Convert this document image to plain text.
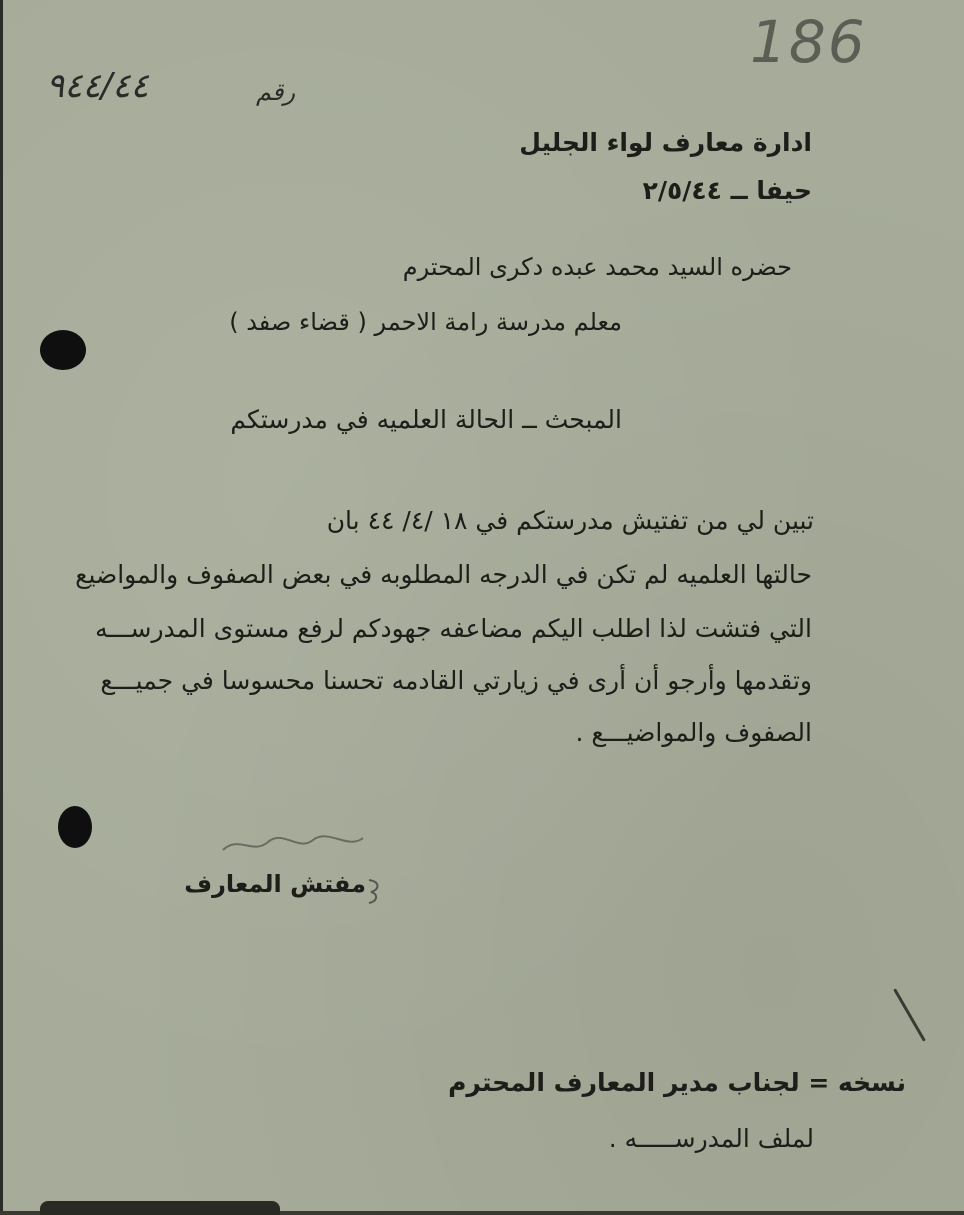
186
٩٤٤/٤٤	رقم
ادارة معارف لواء الجليل
حيفا ــ ٢/٥/٤٤
حضره السيد محمد عبده دكرى المحترم
معلم مدرسة رامة الاحمر ( قضاء صفد )
المبحث ــ الحالة العلميه في مدرستكم
تبين لي من تفتيش مدرستكم في ١٨ /٤/ ٤٤ بان
حالتها العلميه لم تكن في الدرجه المطلوبه في بعض الصفوف والمواضيع
التي فتشت لذا اطلب اليكم مضاعفه جهودكم لرفع مستوى المدرســـه
وتقدمها وأرجو أن أرى في زيارتي القادمه تحسنا محسوسا في جميـــع
الصفوف والمواضيـــع .
مفتش المعارف
نسخه = لجناب مدير المعارف المحترم
لملف المدرســـــه .
